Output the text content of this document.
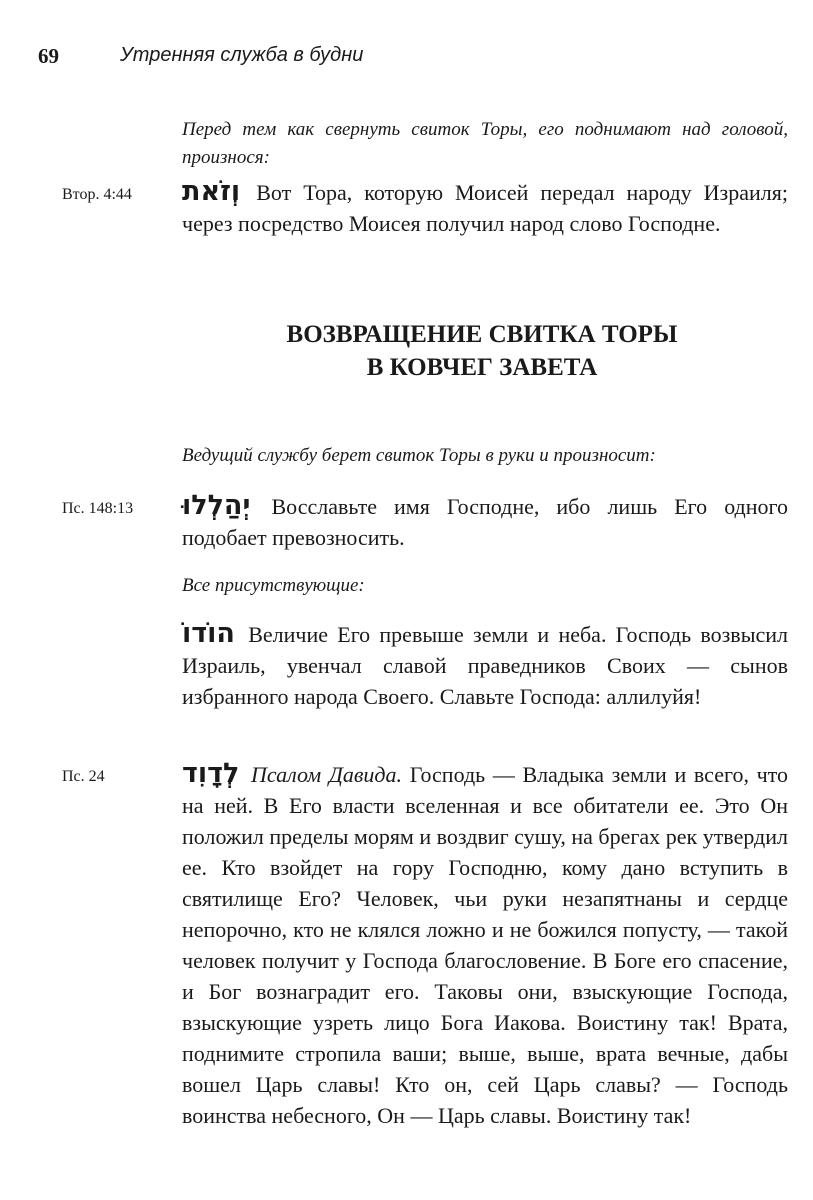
69	Утренняя служба в будни
Перед тем как свернуть свиток Торы, его поднимают над головой, произнося:
Втор. 4:44	וְזֹאת Вот Тора, которую Моисей передал народу Израиля; через посредство Моисея получил народ слово Господне.
ВОЗВРАЩЕНИЕ СВИТКА ТОРЫ
В КОВЧЕГ ЗАВЕТА
Ведущий службу берет свиток Торы в руки и произносит:
Пс. 148:13	יְהַלְלוּ Восславьте имя Господне, ибо лишь Его одного подобает превозносить.
Все присутствующие:
הוֹדוֹ Величие Его превыше земли и неба. Господь возвысил Израиль, увенчал славой праведников Своих — сынов избранного народа Своего. Славьте Господа: аллилуйя!
Пс. 24	לְדָוִד Псалом Давида. Господь — Владыка земли и всего, что на ней. В Его власти вселенная и все обитатели ее. Это Он положил пределы морям и воздвиг сушу, на брегах рек утвердил ее. Кто взойдет на гору Господню, кому дано вступить в святилище Его? Человек, чьи руки незапятнаны и сердце непорочно, кто не клялся ложно и не божился попусту, — такой человек получит у Господа благословение. В Боге его спасение, и Бог вознаградит его. Таковы они, взыскующие Господа, взыскующие узреть лицо Бога Иакова. Воистину так! Врата, поднимите стропила ваши; выше, выше, врата вечные, дабы вошел Царь славы! Кто он, сей Царь славы? — Господь воинства небесного, Он — Царь славы. Воистину так!
